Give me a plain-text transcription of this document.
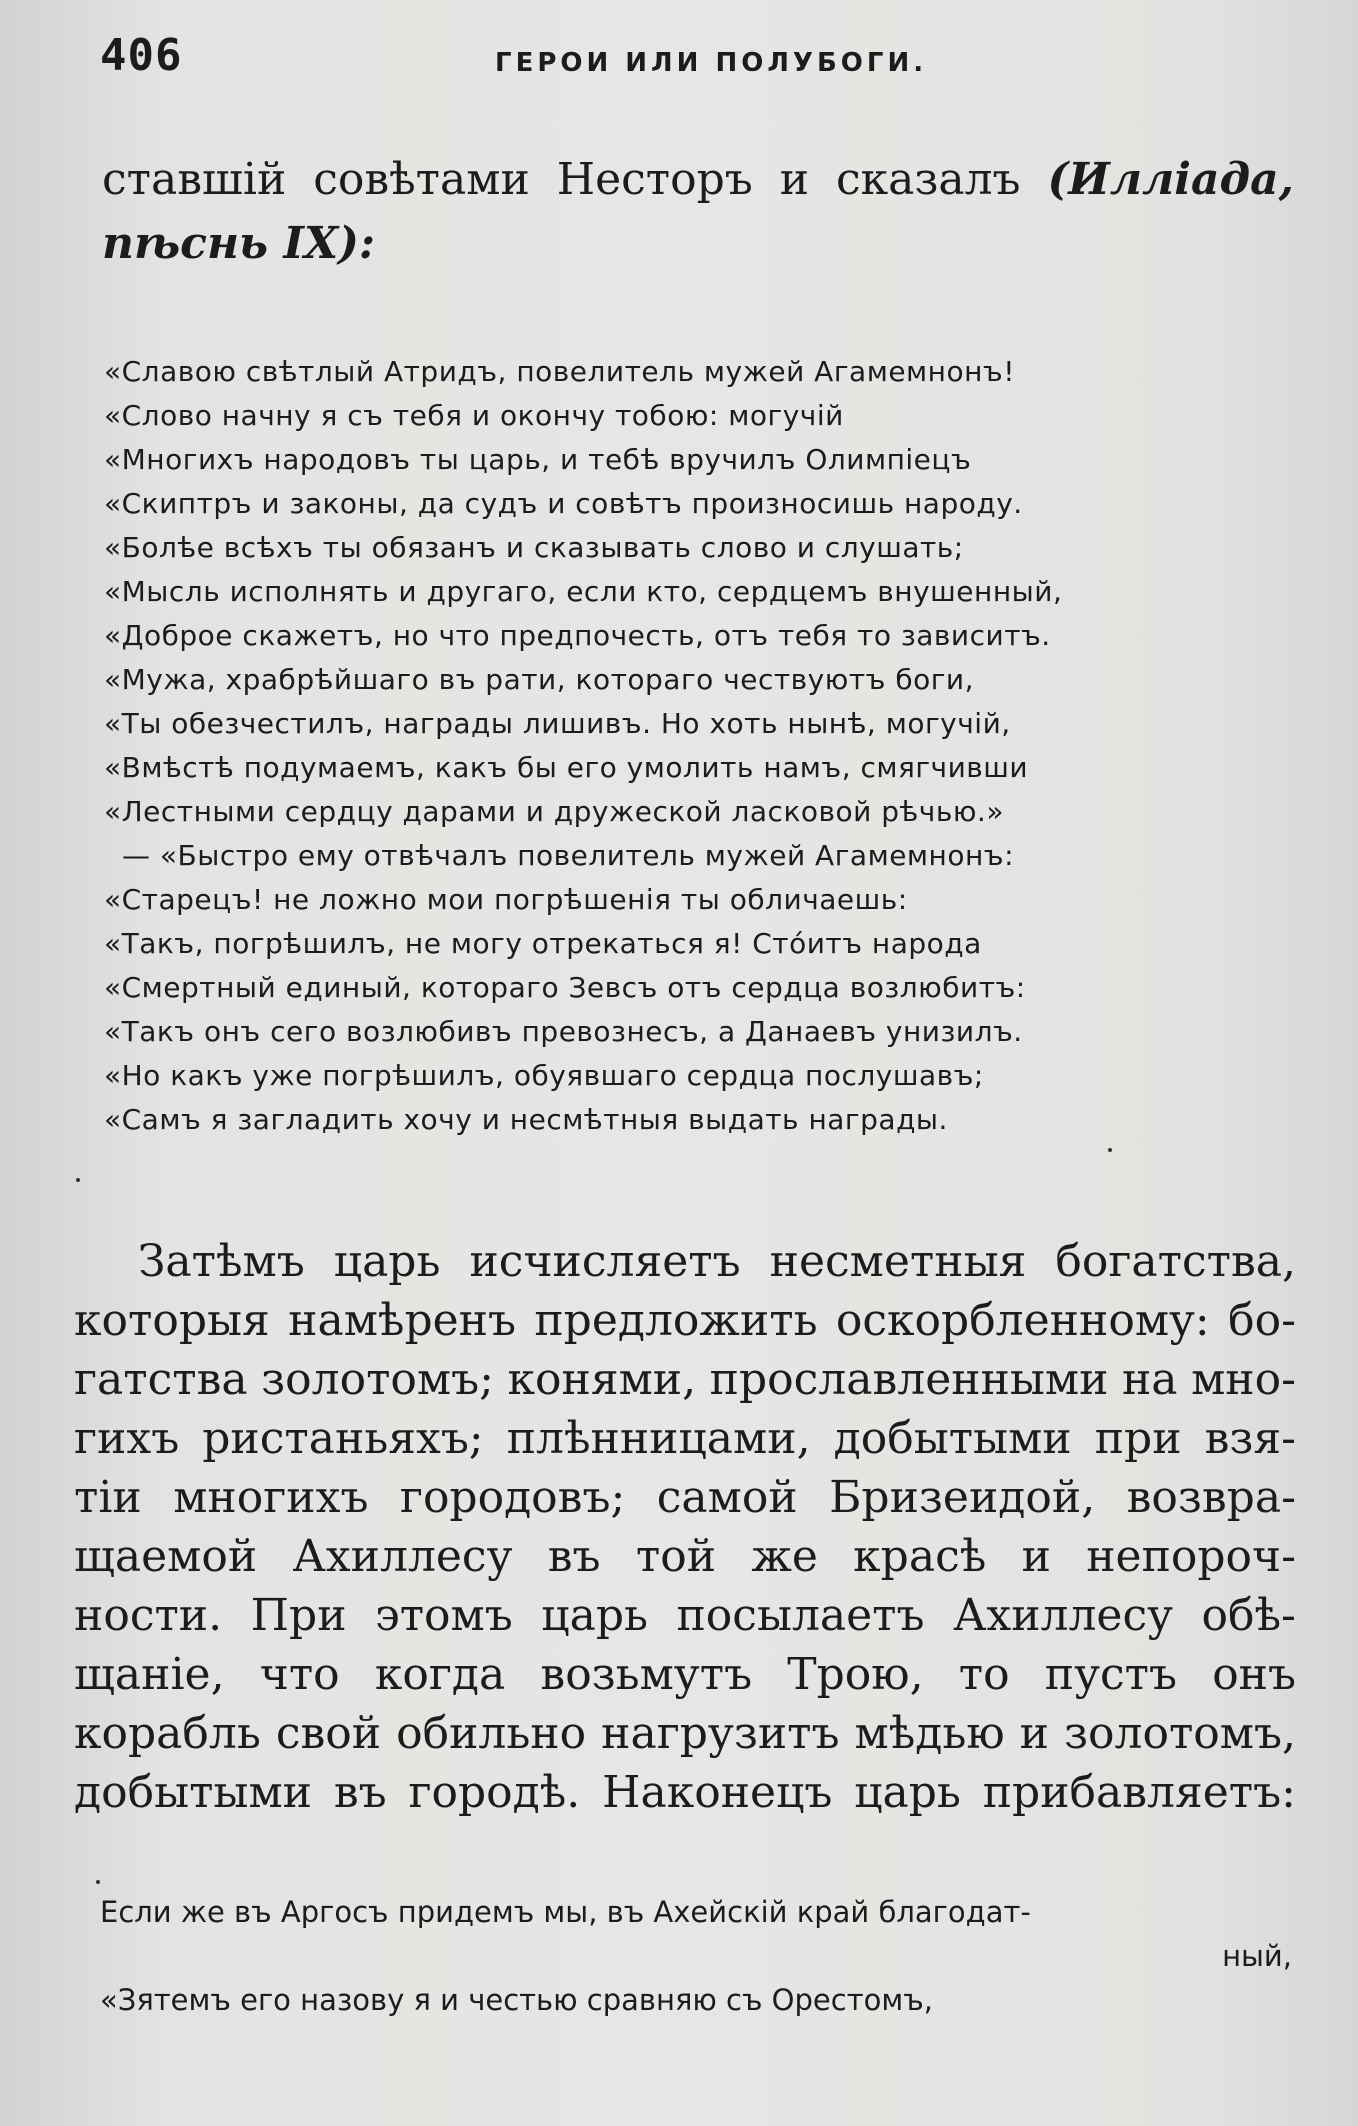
406	ГЕРОИ ИЛИ ПОЛУБОГИ.
ставшій совѣтами Несторъ и сказалъ (Илліада,
пѣснь IX):
«Славою свѣтлый Атридъ, повелитель мужей Агамемнонъ!
«Слово начну я съ тебя и окончу тобою: могучій
«Многихъ народовъ ты царь, и тебѣ вручилъ Олимпіецъ
«Скиптръ и законы, да судъ и совѣтъ произносишь народу.
«Болѣе всѣхъ ты обязанъ и сказывать слово и слушать;
«Мысль исполнять и другаго, если кто, сердцемъ внушенный,
«Доброе скажетъ, но что предпочесть, отъ тебя то зависитъ.
«Мужа, храбрѣйшаго въ рати, котораго чествуютъ боги,
«Ты обезчестилъ, награды лишивъ. Но хоть нынѣ, могучій,
«Вмѣстѣ подумаемъ, какъ бы его умолить намъ, смягчивши
«Лестными сердцу дарами и дружеской ласковой рѣчью.»
— «Быстро ему отвѣчалъ повелитель мужей Агамемнонъ:
«Старецъ! не ложно мои погрѣшенія ты обличаешь:
«Такъ, погрѣшилъ, не могу отрекаться я! Стóитъ народа
«Смертный единый, котораго Зевсъ отъ сердца возлюбитъ:
«Такъ онъ сего возлюбивъ превознесъ, а Данаевъ унизилъ.
«Но какъ уже погрѣшилъ, обуявшаго сердца послушавъ;
«Самъ я загладить хочу и несмѣтныя выдать награды.
Затѣмъ царь исчисляетъ несметныя богатства,
которыя намѣренъ предложить оскорбленному: бо-
гатства золотомъ; конями, прославленными на мно-
гихъ ристаньяхъ; плѣнницами, добытыми при взя-
тіи многихъ городовъ; самой Бризеидой, возвра-
щаемой Ахиллесу въ той же красѣ и непороч-
ности. При этомъ царь посылаетъ Ахиллесу обѣ-
щаніе, что когда возьмутъ Трою, то пустъ онъ
корабль свой обильно нагрузитъ мѣдью и золотомъ,
добытыми въ городѣ. Наконецъ царь прибавляетъ:
Если же въ Аргосъ придемъ мы, въ Ахейскій край благодат-
ный,
«Зятемъ его назову я и честью сравняю съ Орестомъ,
